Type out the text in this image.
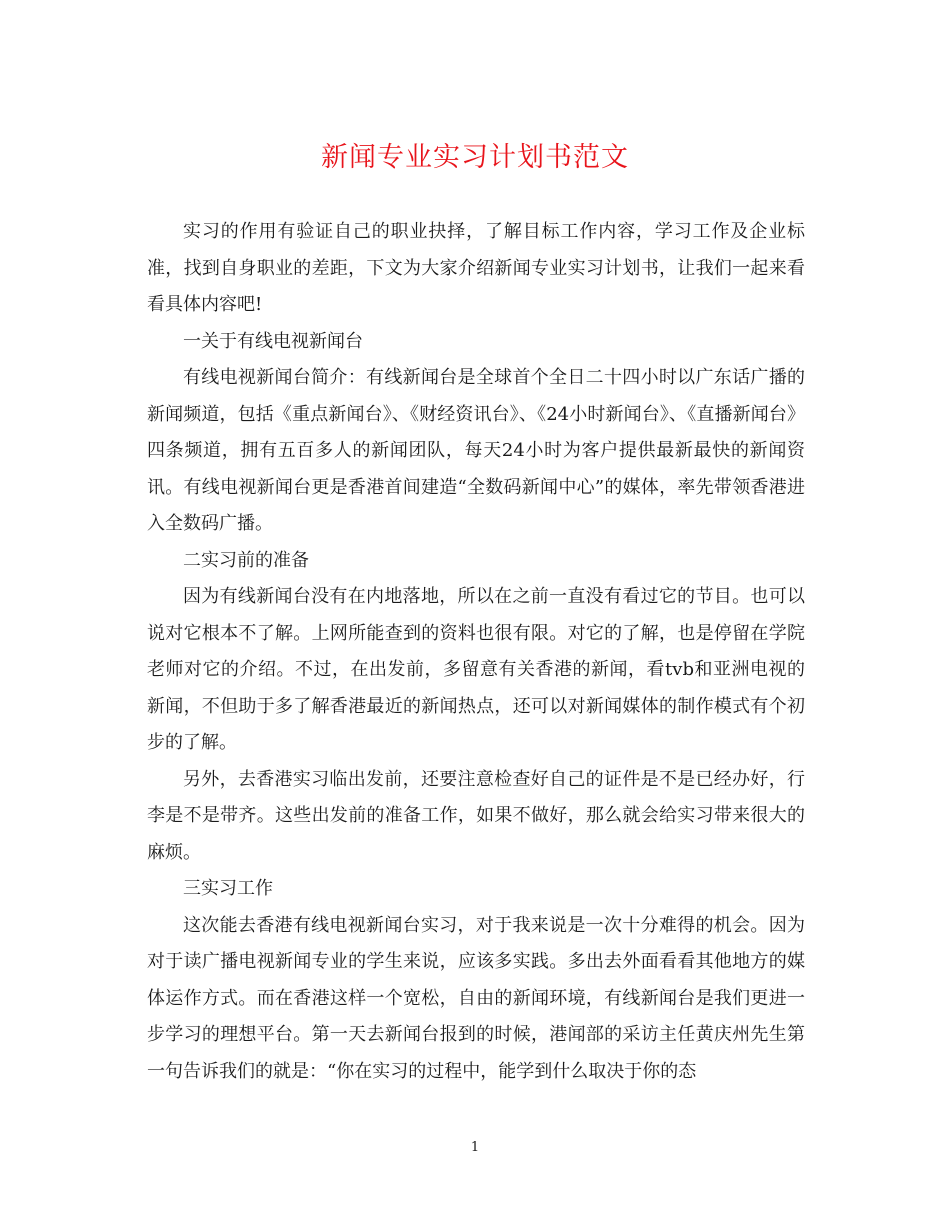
新闻专业实习计划书范文

实习的作用有验证自己的职业抉择，了解目标工作内容，学习工作及企业标准，找到自身职业的差距，下文为大家介绍新闻专业实习计划书，让我们一起来看看具体内容吧!

一关于有线电视新闻台

有线电视新闻台简介：有线新闻台是全球首个全日二十四小时以广东话广播的新闻频道，包括《重点新闻台》、《财经资讯台》、《24小时新闻台》、《直播新闻台》四条频道，拥有五百多人的新闻团队，每天24小时为客户提供最新最快的新闻资讯。有线电视新闻台更是香港首间建造“全数码新闻中心”的媒体，率先带领香港进入全数码广播。

二实习前的准备

因为有线新闻台没有在内地落地，所以在之前一直没有看过它的节目。也可以说对它根本不了解。上网所能查到的资料也很有限。对它的了解，也是停留在学院老师对它的介绍。不过，在出发前，多留意有关香港的新闻，看tvb和亚洲电视的新闻，不但助于多了解香港最近的新闻热点，还可以对新闻媒体的制作模式有个初步的了解。

另外，去香港实习临出发前，还要注意检查好自己的证件是不是已经办好，行李是不是带齐。这些出发前的准备工作，如果不做好，那么就会给实习带来很大的麻烦。

三实习工作

这次能去香港有线电视新闻台实习，对于我来说是一次十分难得的机会。因为对于读广播电视新闻专业的学生来说，应该多实践。多出去外面看看其他地方的媒体运作方式。而在香港这样一个宽松，自由的新闻环境，有线新闻台是我们更进一步学习的理想平台。第一天去新闻台报到的时候，港闻部的采访主任黄庆州先生第一句告诉我们的就是：“你在实习的过程中，能学到什么取决于你的态

1
